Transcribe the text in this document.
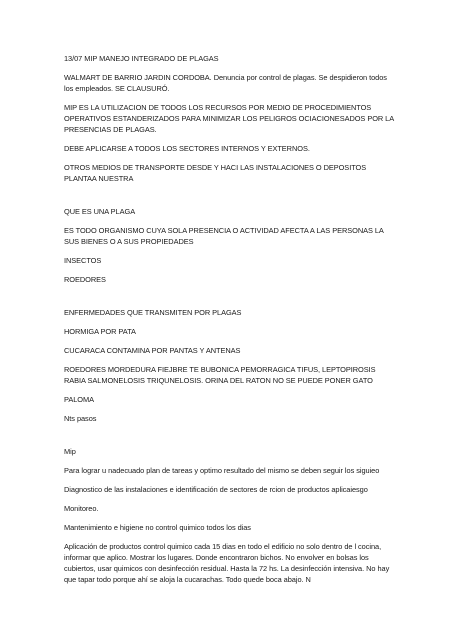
13/07 MIP MANEJO INTEGRADO DE PLAGAS

WALMART DE BARRIO JARDIN CORDOBA. Denuncia por control de plagas. Se despidieron todos los empleados. SE CLAUSURÓ.

MIP ES LA UTILIZACION DE TODOS LOS RECURSOS POR MEDIO DE PROCEDIMIENTOS OPERATIVOS ESTANDERIZADOS PARA MINIMIZAR LOS PELIGROS OCIACIONESADOS POR LA PRESENCIAS DE PLAGAS.

DEBE APLICARSE A TODOS LOS SECTORES INTERNOS Y EXTERNOS.

OTROS MEDIOS DE TRANSPORTE DESDE Y HACI LAS INSTALACIONES O DEPOSITOS PLANTAA NUESTRA

QUE ES UNA PLAGA

ES TODO ORGANISMO CUYA SOLA PRESENCIA O ACTIVIDAD AFECTA A LAS PERSONAS LA SUS BIENES O A SUS PROPIEDADES

INSECTOS

ROEDORES

ENFERMEDADES QUE TRANSMITEN POR PLAGAS

HORMIGA POR PATA

CUCARACA CONTAMINA POR PANTAS Y ANTENAS

ROEDORES MORDEDURA FIEJBRE TE BUBONICA PEMORRAGICA TIFUS, LEPTOPIROSIS RABIA SALMONELOSIS TRIQUNELOSIS. ORINA DEL RATON NO SE PUEDE PONER GATO

PALOMA

Nts pasos

Mip

Para lograr u nadecuado plan de tareas y optimo resultado del mismo se deben seguir los siguieo

Diagnostico de las instalaciones e identificación de sectores de rcion de productos aplicaiesgo

Monitoreo.

Mantenimiento e higiene no control quimico todos los dias

Aplicación de productos control quimico cada 15 dias en todo el edificio no solo dentro de l cocina, informar que aplico. Mostrar los lugares. Donde encontraron bichos. No envolver en bolsas los cubiertos, usar quimicos con desinfección residual. Hasta la 72 hs. La desinfección intensiva. No hay que tapar todo porque ahí se aloja la cucarachas. Todo quede boca abajo. N
